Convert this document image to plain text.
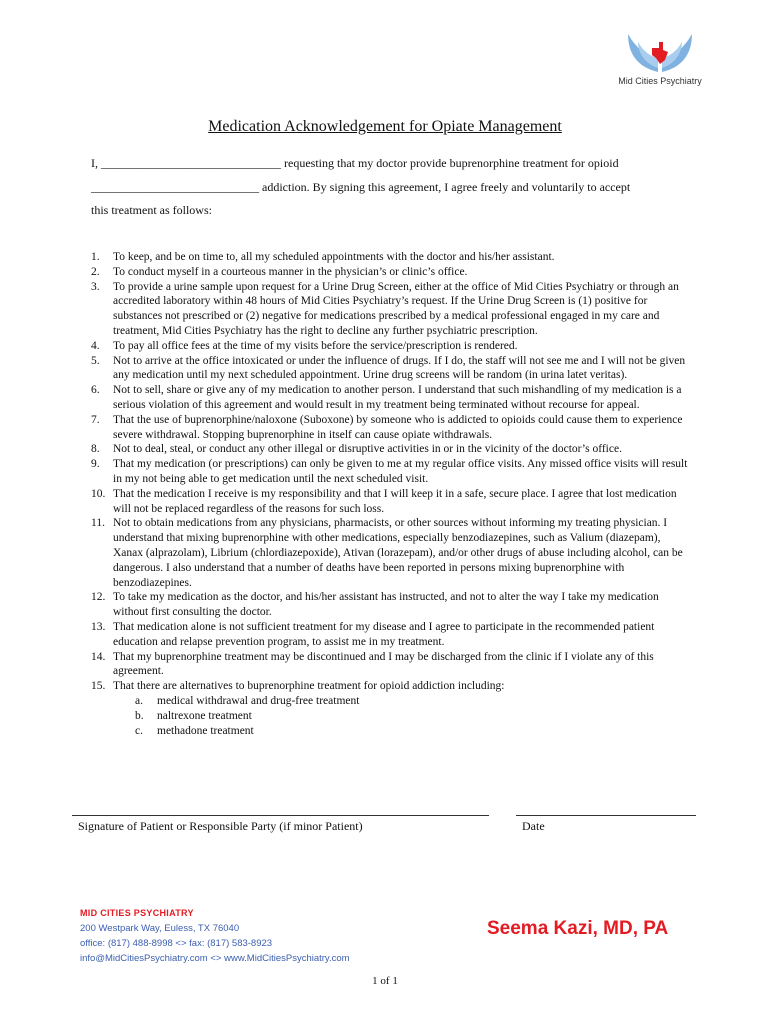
Mid Cities Psychiatry
Medication Acknowledgement for Opiate Management
I, ______________________________ requesting that my doctor provide buprenorphine treatment for opioid
____________________________ addiction. By signing this agreement, I agree freely and voluntarily to accept
this treatment as follows:
1. To keep, and be on time to, all my scheduled appointments with the doctor and his/her assistant.
2. To conduct myself in a courteous manner in the physician’s or clinic’s office.
3. To provide a urine sample upon request for a Urine Drug Screen, either at the office of Mid Cities Psychiatry or through an accredited laboratory within 48 hours of Mid Cities Psychiatry’s request. If the Urine Drug Screen is (1) positive for substances not prescribed or (2) negative for medications prescribed by a medical professional engaged in my care and treatment, Mid Cities Psychiatry has the right to decline any further psychiatric prescription.
4. To pay all office fees at the time of my visits before the service/prescription is rendered.
5. Not to arrive at the office intoxicated or under the influence of drugs. If I do, the staff will not see me and I will not be given any medication until my next scheduled appointment. Urine drug screens will be random (in urina latet veritas).
6. Not to sell, share or give any of my medication to another person. I understand that such mishandling of my medication is a serious violation of this agreement and would result in my treatment being terminated without recourse for appeal.
7. That the use of buprenorphine/naloxone (Suboxone) by someone who is addicted to opioids could cause them to experience severe withdrawal. Stopping buprenorphine in itself can cause opiate withdrawals.
8. Not to deal, steal, or conduct any other illegal or disruptive activities in or in the vicinity of the doctor’s office.
9. That my medication (or prescriptions) can only be given to me at my regular office visits. Any missed office visits will result in my not being able to get medication until the next scheduled visit.
10. That the medication I receive is my responsibility and that I will keep it in a safe, secure place. I agree that lost medication will not be replaced regardless of the reasons for such loss.
11. Not to obtain medications from any physicians, pharmacists, or other sources without informing my treating physician. I understand that mixing buprenorphine with other medications, especially benzodiazepines, such as Valium (diazepam), Xanax (alprazolam), Librium (chlordiazepoxide), Ativan (lorazepam), and/or other drugs of abuse including alcohol, can be dangerous. I also understand that a number of deaths have been reported in persons mixing buprenorphine with benzodiazepines.
12. To take my medication as the doctor, and his/her assistant has instructed, and not to alter the way I take my medication without first consulting the doctor.
13. That medication alone is not sufficient treatment for my disease and I agree to participate in the recommended patient education and relapse prevention program, to assist me in my treatment.
14. That my buprenorphine treatment may be discontinued and I may be discharged from the clinic if I violate any of this agreement.
15. That there are alternatives to buprenorphine treatment for opioid addiction including:
a. medical withdrawal and drug-free treatment
b. naltrexone treatment
c. methadone treatment
Signature of Patient or Responsible Party (if minor Patient)	Date
MID CITIES PSYCHIATRY
200 Westpark Way, Euless, TX 76040
office: (817) 488-8998 <> fax: (817) 583-8923
info@MidCitiesPsychiatry.com <> www.MidCitiesPsychiatry.com
Seema Kazi, MD, PA
1 of 1
